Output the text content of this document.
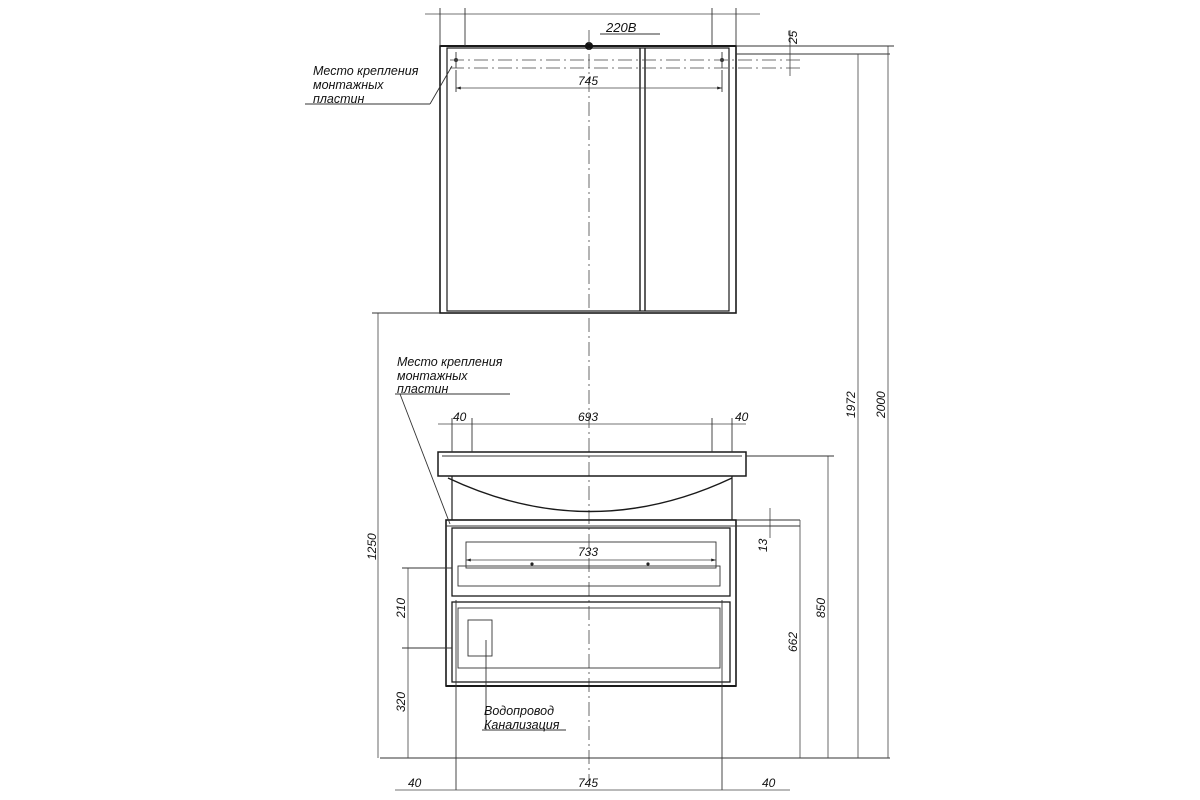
220В
745
25
Место крепления
монтажных
пластин
40	693	40
733
Место крепления
монтажных
пластин
Водопровод
Канализация
1250
210
320
13
662
850
1972 2000
40	745	40
